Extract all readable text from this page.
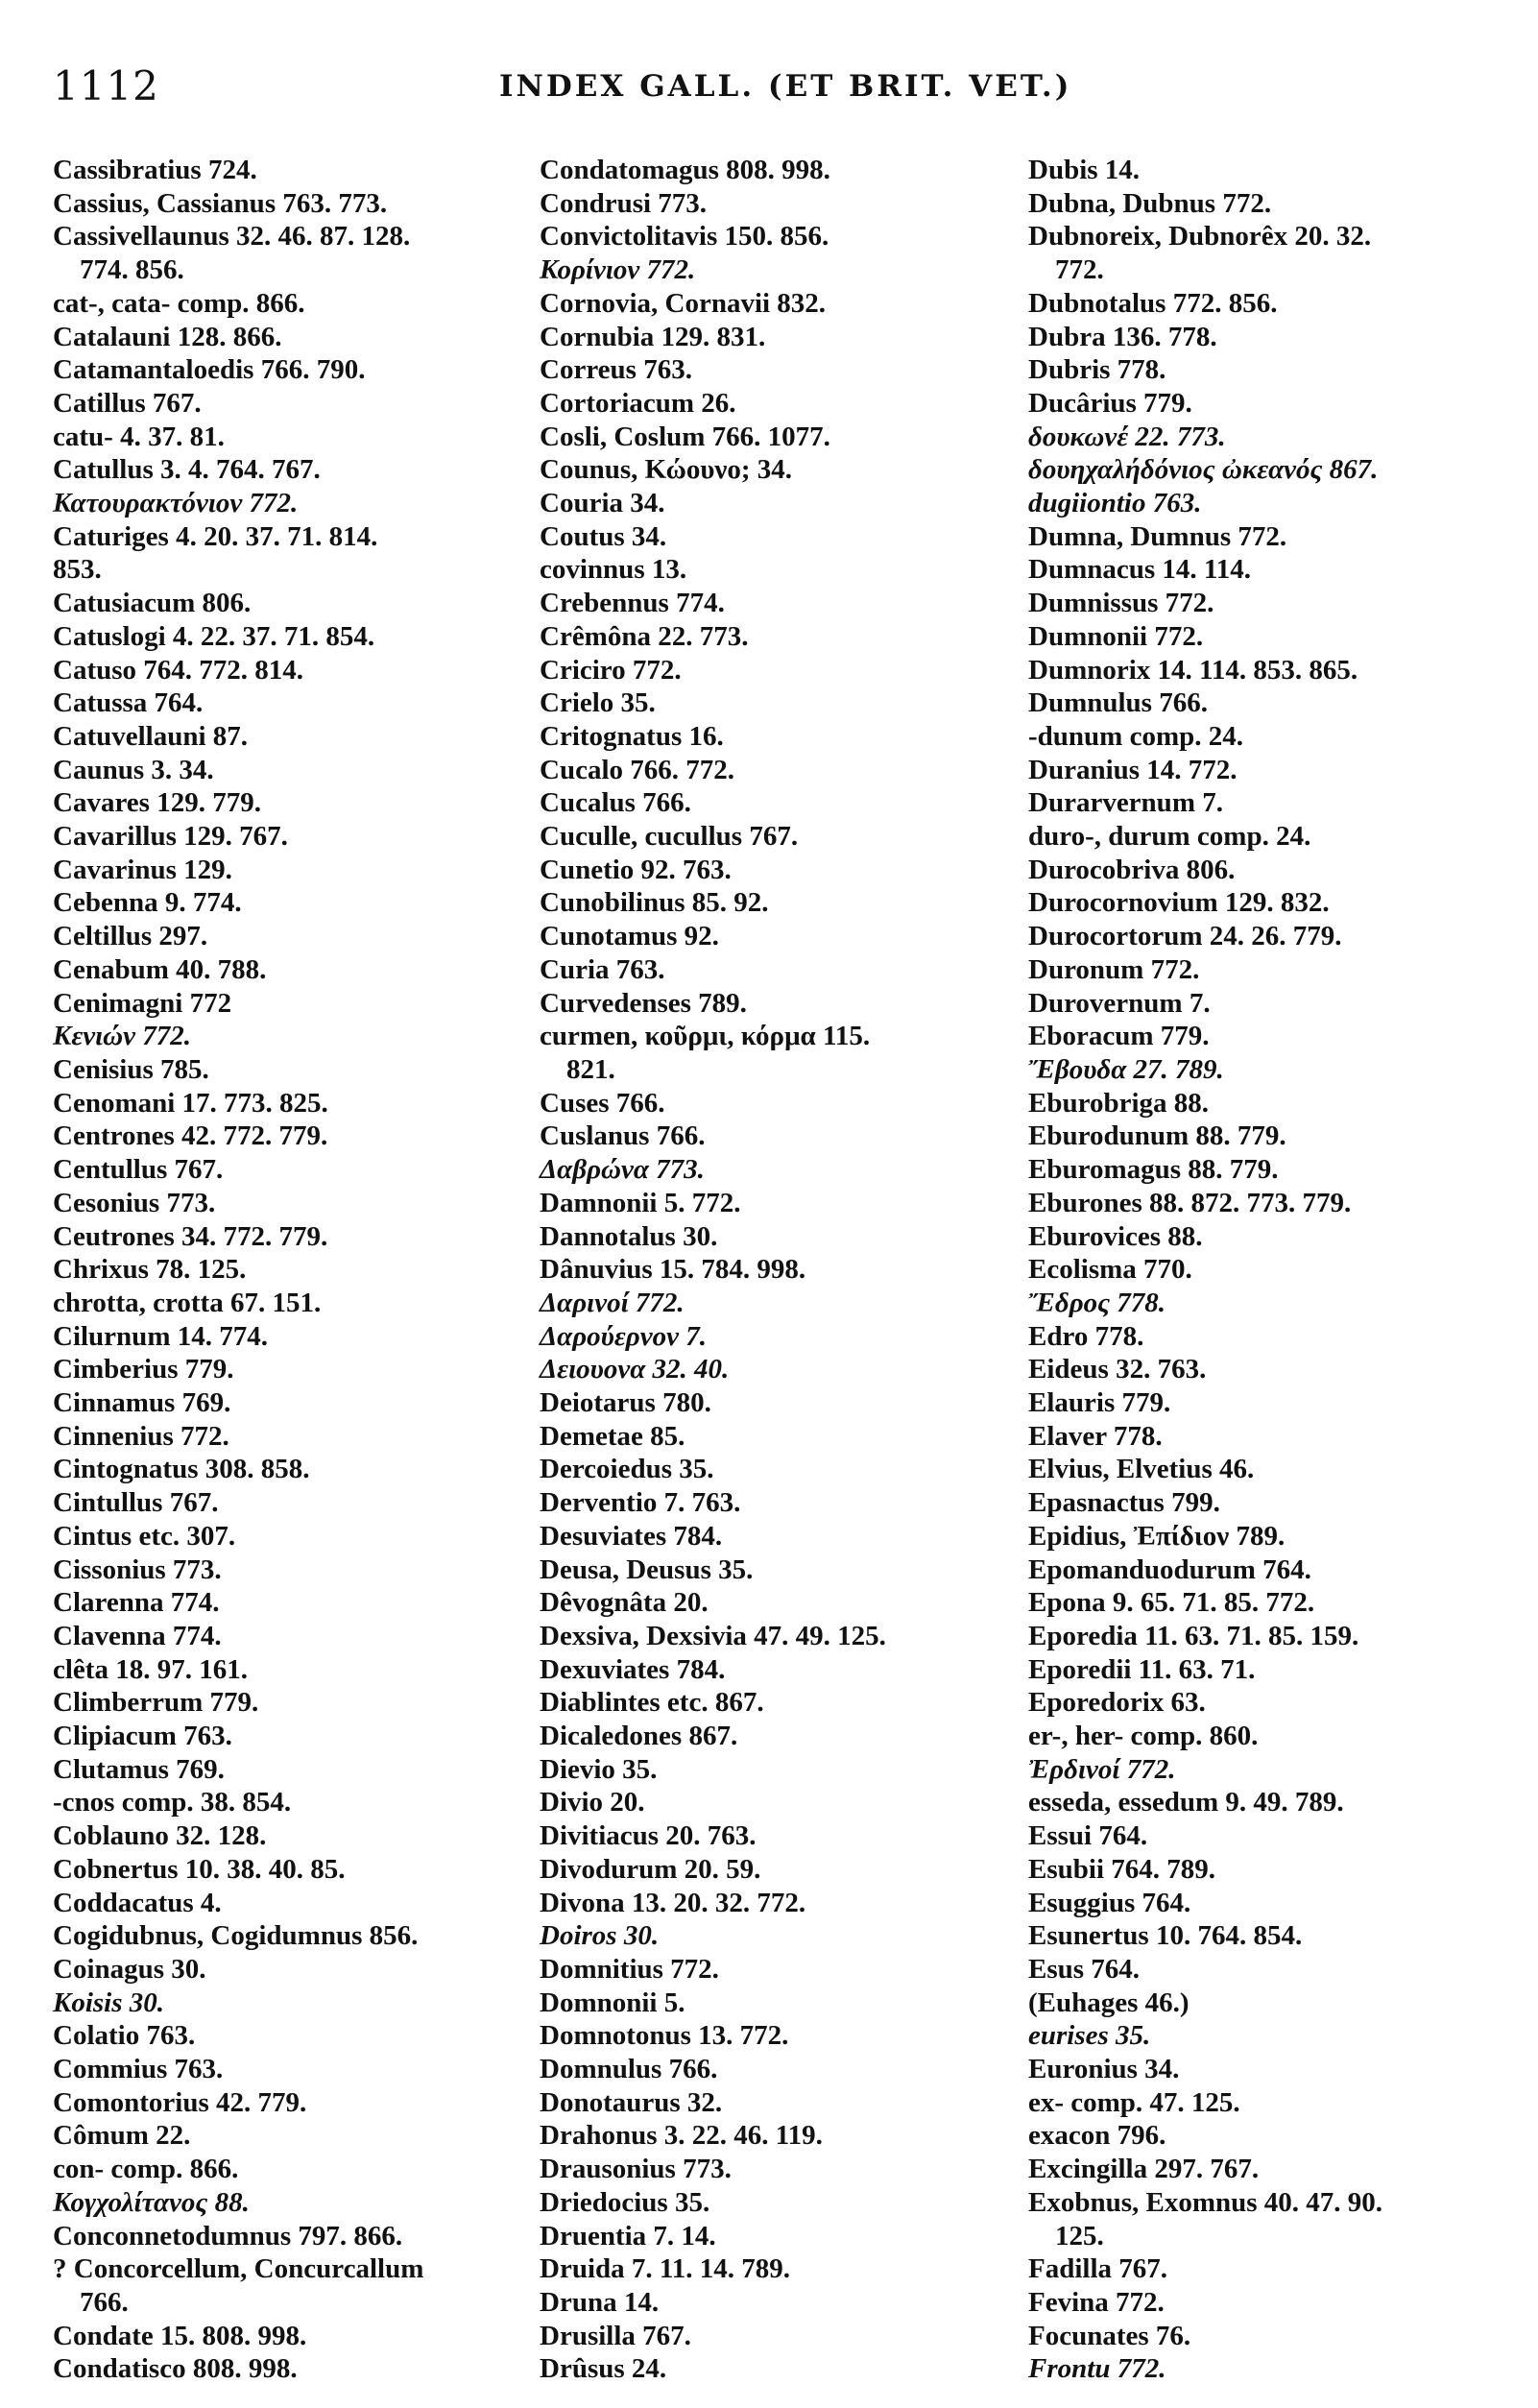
1112	INDEX GALL. (ET BRIT. VET.)
Cassibratius 724.
Cassius, Cassianus 763. 773.
Cassivellaunus 32. 46. 87. 128.
774. 856.
cat-, cata- comp. 866.
Catalauni 128. 866.
Catamantaloedis 766. 790.
Catillus 767.
catu- 4. 37. 81.
Catullus 3. 4. 764. 767.
Κατουρακτόνιον 772.
Caturiges 4. 20. 37. 71. 814.
853.
Catusiacum 806.
Catuslogi 4. 22. 37. 71. 854.
Catuso 764. 772. 814.
Catussa 764.
Catuvellauni 87.
Caunus 3. 34.
Cavares 129. 779.
Cavarillus 129. 767.
Cavarinus 129.
Cebenna 9. 774.
Celtillus 297.
Cenabum 40. 788.
Cenimagni 772
Κενιών 772.
Cenisius 785.
Cenomani 17. 773. 825.
Centrones 42. 772. 779.
Centullus 767.
Cesonius 773.
Ceutrones 34. 772. 779.
Chrixus 78. 125.
chrotta, crotta 67. 151.
Cilurnum 14. 774.
Cimberius 779.
Cinnamus 769.
Cinnenius 772.
Cintognatus 308. 858.
Cintullus 767.
Cintus etc. 307.
Cissonius 773.
Clarenna 774.
Clavenna 774.
clêta 18. 97. 161.
Climberrum 779.
Clipiacum 763.
Clutamus 769.
-cnos comp. 38. 854.
Coblauno 32. 128.
Cobnertus 10. 38. 40. 85.
Coddacatus 4.
Cogidubnus, Cogidumnus 856.
Coinagus 30.
Koisis 30.
Colatio 763.
Commius 763.
Comontorius 42. 779.
Cômum 22.
con- comp. 866.
Κογχολίτανος 88.
Conconnetodumnus 797. 866.
? Concorcellum, Concurcallum
766.
Condate 15. 808. 998.
Condatisco 808. 998.
Condatomagus 808. 998.
Condrusi 773.
Convictolitavis 150. 856.
Κορίνιον 772.
Cornovia, Cornavii 832.
Cornubia 129. 831.
Correus 763.
Cortoriacum 26.
Cosli, Coslum 766. 1077.
Counus, Κώουνο; 34.
Couria 34.
Coutus 34.
covinnus 13.
Crebennus 774.
Crêmôna 22. 773.
Criciro 772.
Crielo 35.
Critognatus 16.
Cucalo 766. 772.
Cucalus 766.
Cuculle, cucullus 767.
Cunetio 92. 763.
Cunobilinus 85. 92.
Cunotamus 92.
Curia 763.
Curvedenses 789.
curmen, κοῦρμι, κόρμα 115.
821.
Cuses 766.
Cuslanus 766.
Δαβρώνα 773.
Damnonii 5. 772.
Dannotalus 30.
Dânuvius 15. 784. 998.
Δαρινοί 772.
Δαρούερνον 7.
Δειουονα 32. 40.
Deiotarus 780.
Demetae 85.
Dercoiedus 35.
Derventio 7. 763.
Desuviates 784.
Deusa, Deusus 35.
Dêvognâta 20.
Dexsiva, Dexsivia 47. 49. 125.
Dexuviates 784.
Diablintes etc. 867.
Dicaledones 867.
Dievio 35.
Divio 20.
Divitiacus 20. 763.
Divodurum 20. 59.
Divona 13. 20. 32. 772.
Doiros 30.
Domnitius 772.
Domnonii 5.
Domnotonus 13. 772.
Domnulus 766.
Donotaurus 32.
Drahonus 3. 22. 46. 119.
Drausonius 773.
Driedocius 35.
Druentia 7. 14.
Druida 7. 11. 14. 789.
Druna 14.
Drusilla 767.
Drûsus 24.
Dubis 14.
Dubna, Dubnus 772.
Dubnoreix, Dubnorêx 20. 32.
772.
Dubnotalus 772. 856.
Dubra 136. 778.
Dubris 778.
Ducârius 779.
δουκωνέ 22. 773.
δουηχαλήδόνιος ὠκεανός 867.
dugiiontio 763.
Dumna, Dumnus 772.
Dumnacus 14. 114.
Dumnissus 772.
Dumnonii 772.
Dumnorix 14. 114. 853. 865.
Dumnulus 766.
-dunum comp. 24.
Duranius 14. 772.
Durarvernum 7.
duro-, durum comp. 24.
Durocobriva 806.
Durocornovium 129. 832.
Durocortorum 24. 26. 779.
Duronum 772.
Durovernum 7.
Eboracum 779.
Ἔβουδα 27. 789.
Eburobriga 88.
Eburodunum 88. 779.
Eburomagus 88. 779.
Eburones 88. 872. 773. 779.
Eburovices 88.
Ecolisma 770.
Ἔδρος 778.
Edro 778.
Eideus 32. 763.
Elauris 779.
Elaver 778.
Elvius, Elvetius 46.
Epasnactus 799.
Epidius, Ἐπίδιον 789.
Epomanduodurum 764.
Epona 9. 65. 71. 85. 772.
Eporedia 11. 63. 71. 85. 159.
Eporedii 11. 63. 71.
Eporedorix 63.
er-, her- comp. 860.
Ἐρδινοί 772.
esseda, essedum 9. 49. 789.
Essui 764.
Esubii 764. 789.
Esuggius 764.
Esunertus 10. 764. 854.
Esus 764.
(Euhages 46.)
eurises 35.
Euronius 34.
ex- comp. 47. 125.
exacon 796.
Excingilla 297. 767.
Exobnus, Exomnus 40. 47. 90.
125.
Fadilla 767.
Fevina 772.
Focunates 76.
Frontu 772.
